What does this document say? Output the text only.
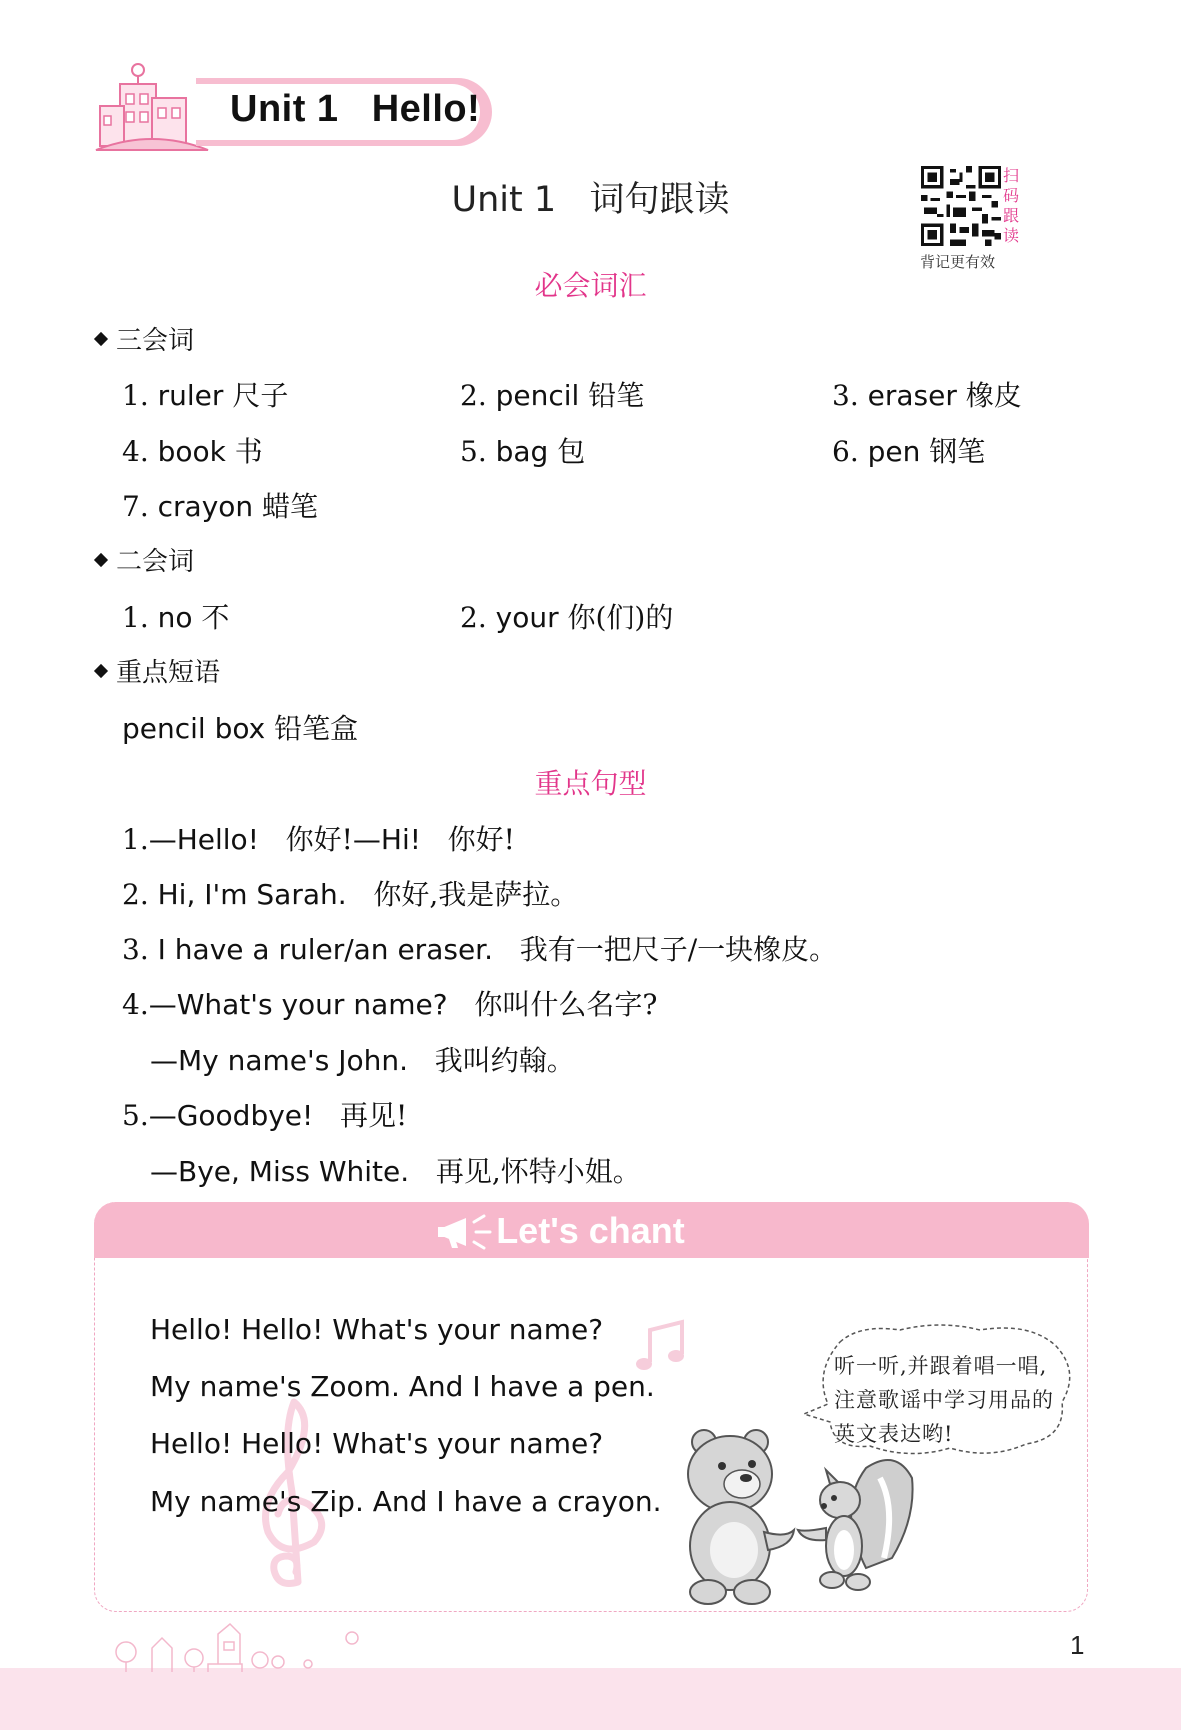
Unit 1   Hello!
Unit 1   词句跟读
扫码跟读
背记更有效
必会词汇
三会词
1. ruler 尺子	2. pencil 铅笔	3. eraser 橡皮
4. book 书	5. bag 包	6. pen 钢笔
7. crayon 蜡笔
二会词
1. no 不	2. your 你(们)的
重点短语
pencil box 铅笔盒
重点句型
1.—Hello! 你好!—Hi! 你好!
2. Hi, I'm Sarah. 你好,我是萨拉。
3. I have a ruler/an eraser. 我有一把尺子/一块橡皮。
4.—What's your name? 你叫什么名字?
—My name's John. 我叫约翰。
5.—Goodbye! 再见!
—Bye, Miss White. 再见,怀特小姐。
Let's chant
Hello! Hello! What's your name?
My name's Zoom. And I have a pen.
Hello! Hello! What's your name?
My name's Zip. And I have a crayon.
听一听,并跟着唱一唱,注意歌谣中学习用品的英文表达哟!
1
